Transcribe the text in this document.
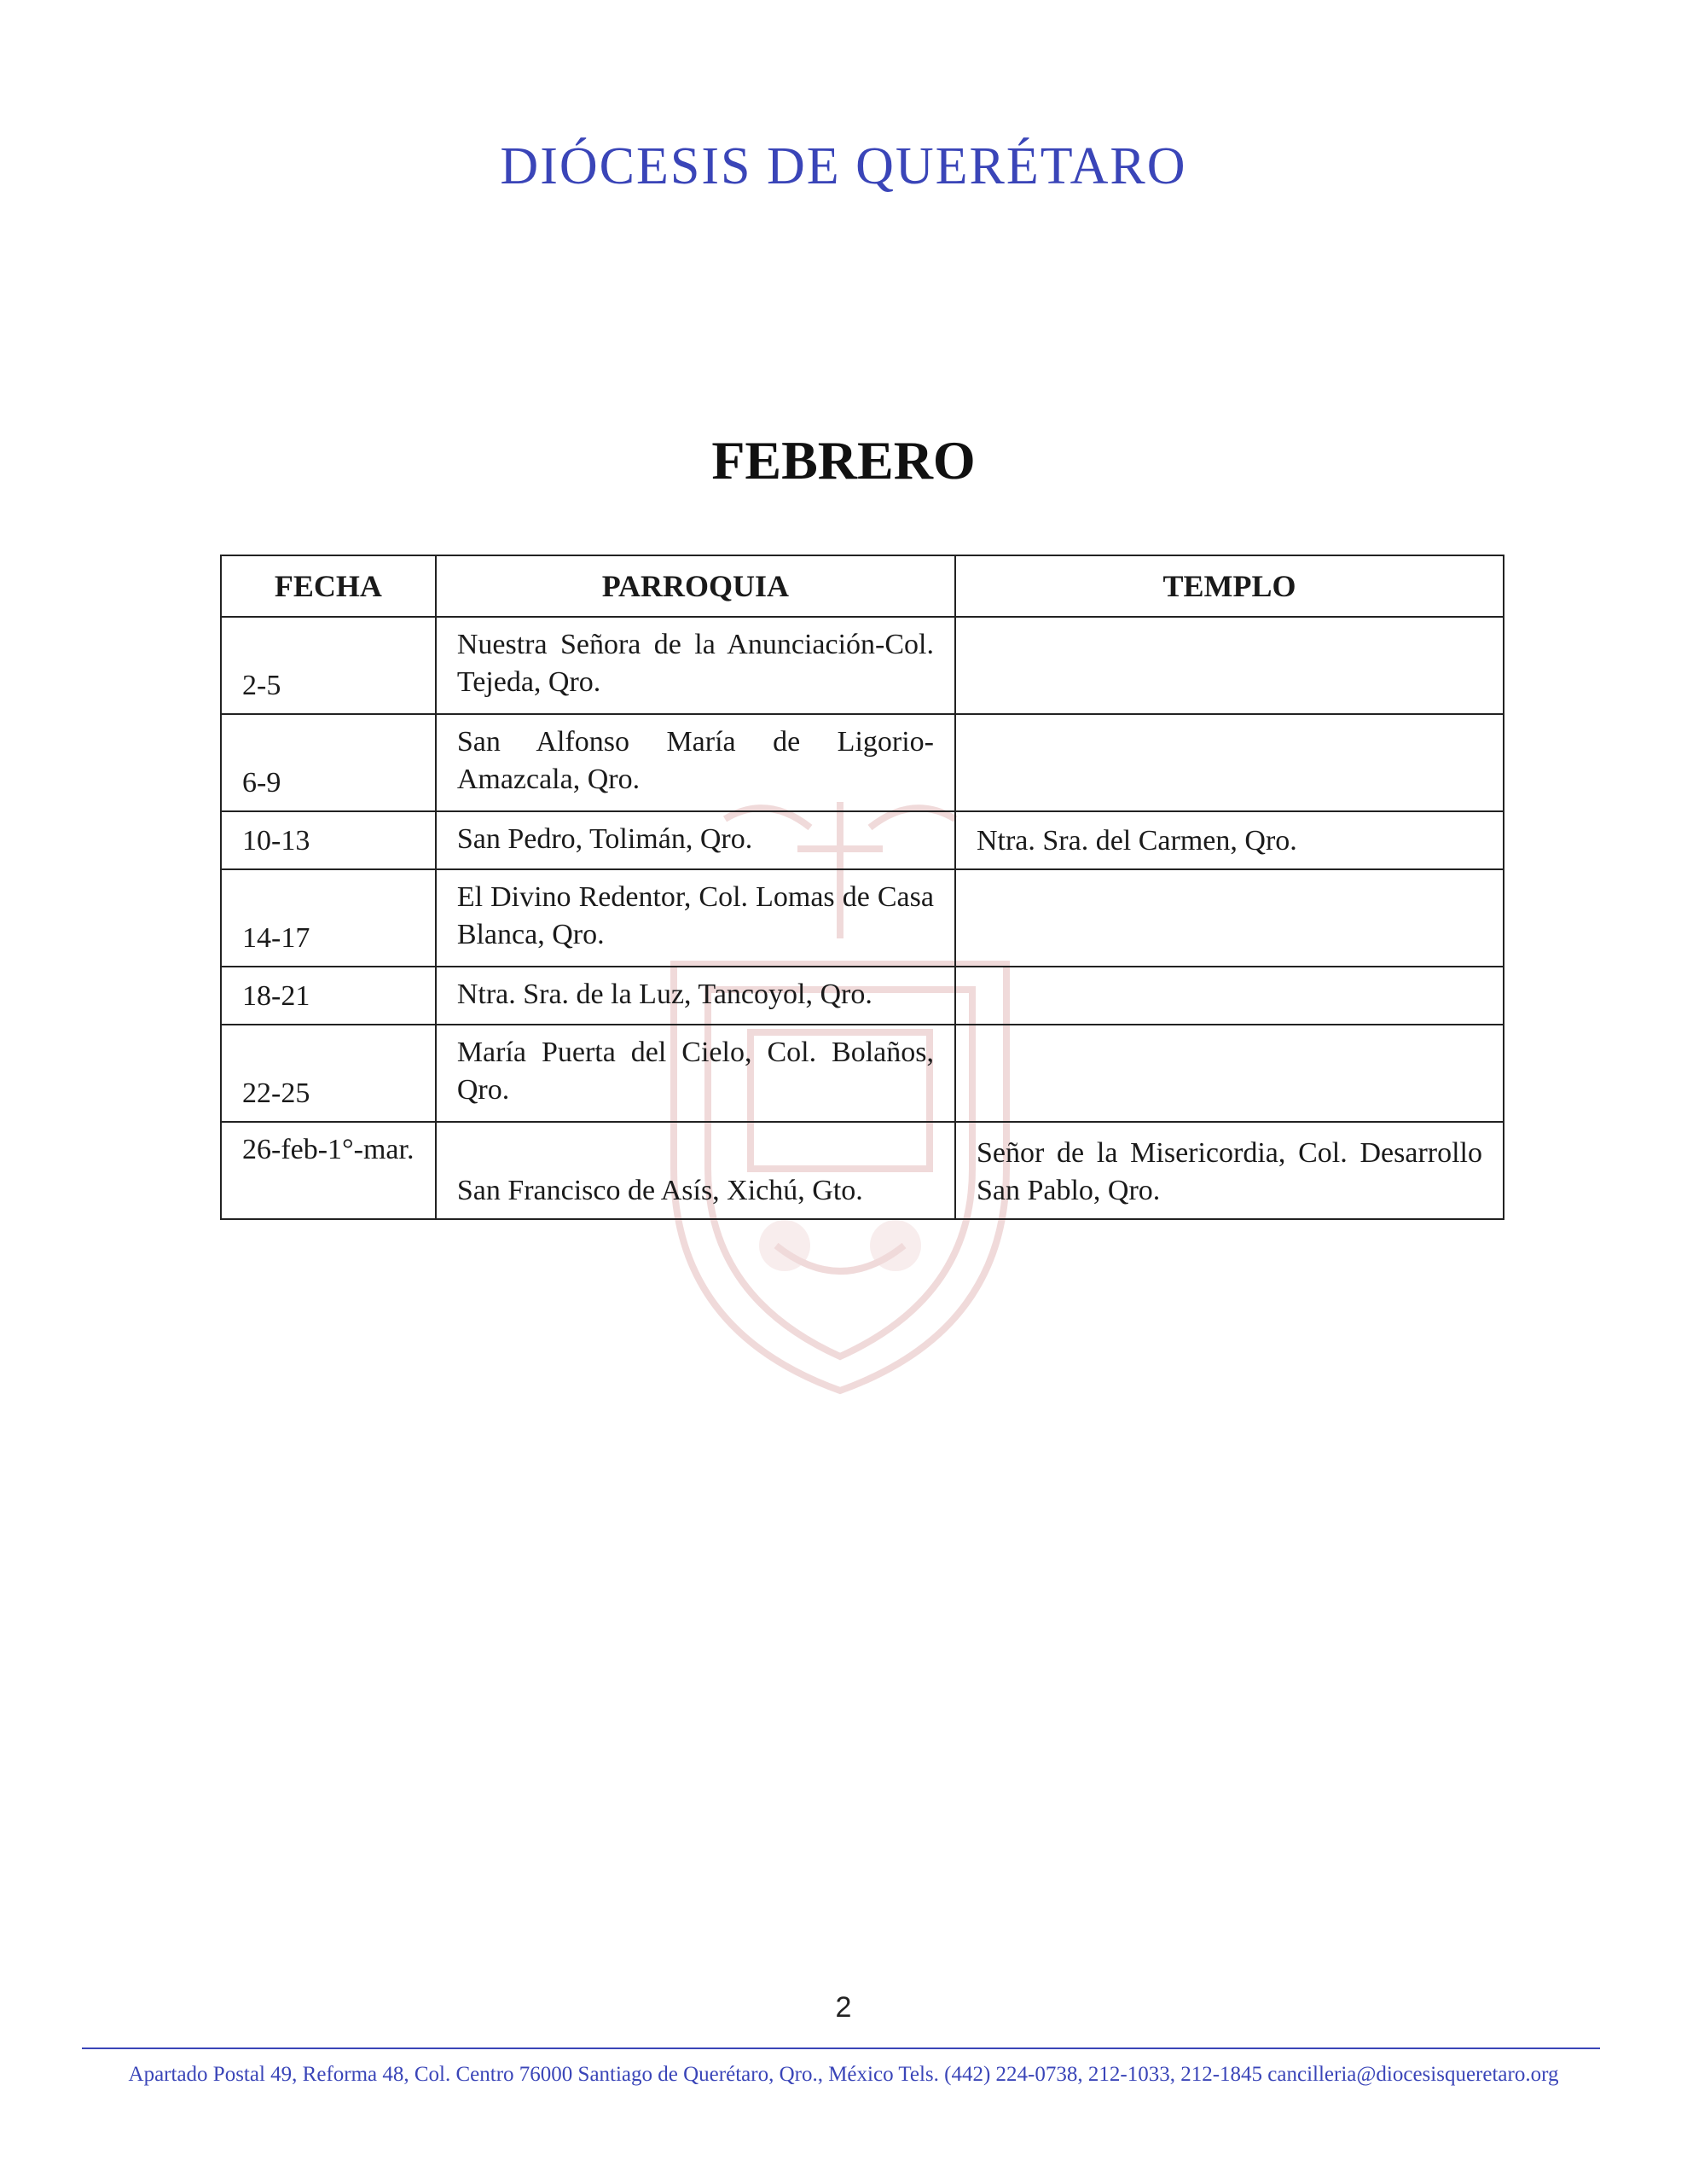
DIÓCESIS DE QUERÉTARO
FEBRERO
FECHA	PARROQUIA	TEMPLO
2-5	Nuestra Señora de la Anunciación-Col. Tejeda, Qro.	
6-9	San Alfonso María de Ligorio-Amazcala, Qro.	
10-13	San Pedro, Tolimán, Qro.	Ntra. Sra. del Carmen, Qro.
14-17	El Divino Redentor, Col. Lomas de Casa Blanca, Qro.	
18-21	Ntra. Sra. de la Luz, Tancoyol, Qro.	
22-25	María Puerta del Cielo, Col. Bolaños, Qro.	
26-feb-1°-mar.	San Francisco de Asís, Xichú, Gto.	Señor de la Misericordia, Col. Desarrollo San Pablo, Qro.
2
Apartado Postal 49, Reforma 48, Col. Centro 76000 Santiago de Querétaro, Qro., México Tels. (442) 224-0738, 212-1033, 212-1845 cancilleria@diocesisqueretaro.org
